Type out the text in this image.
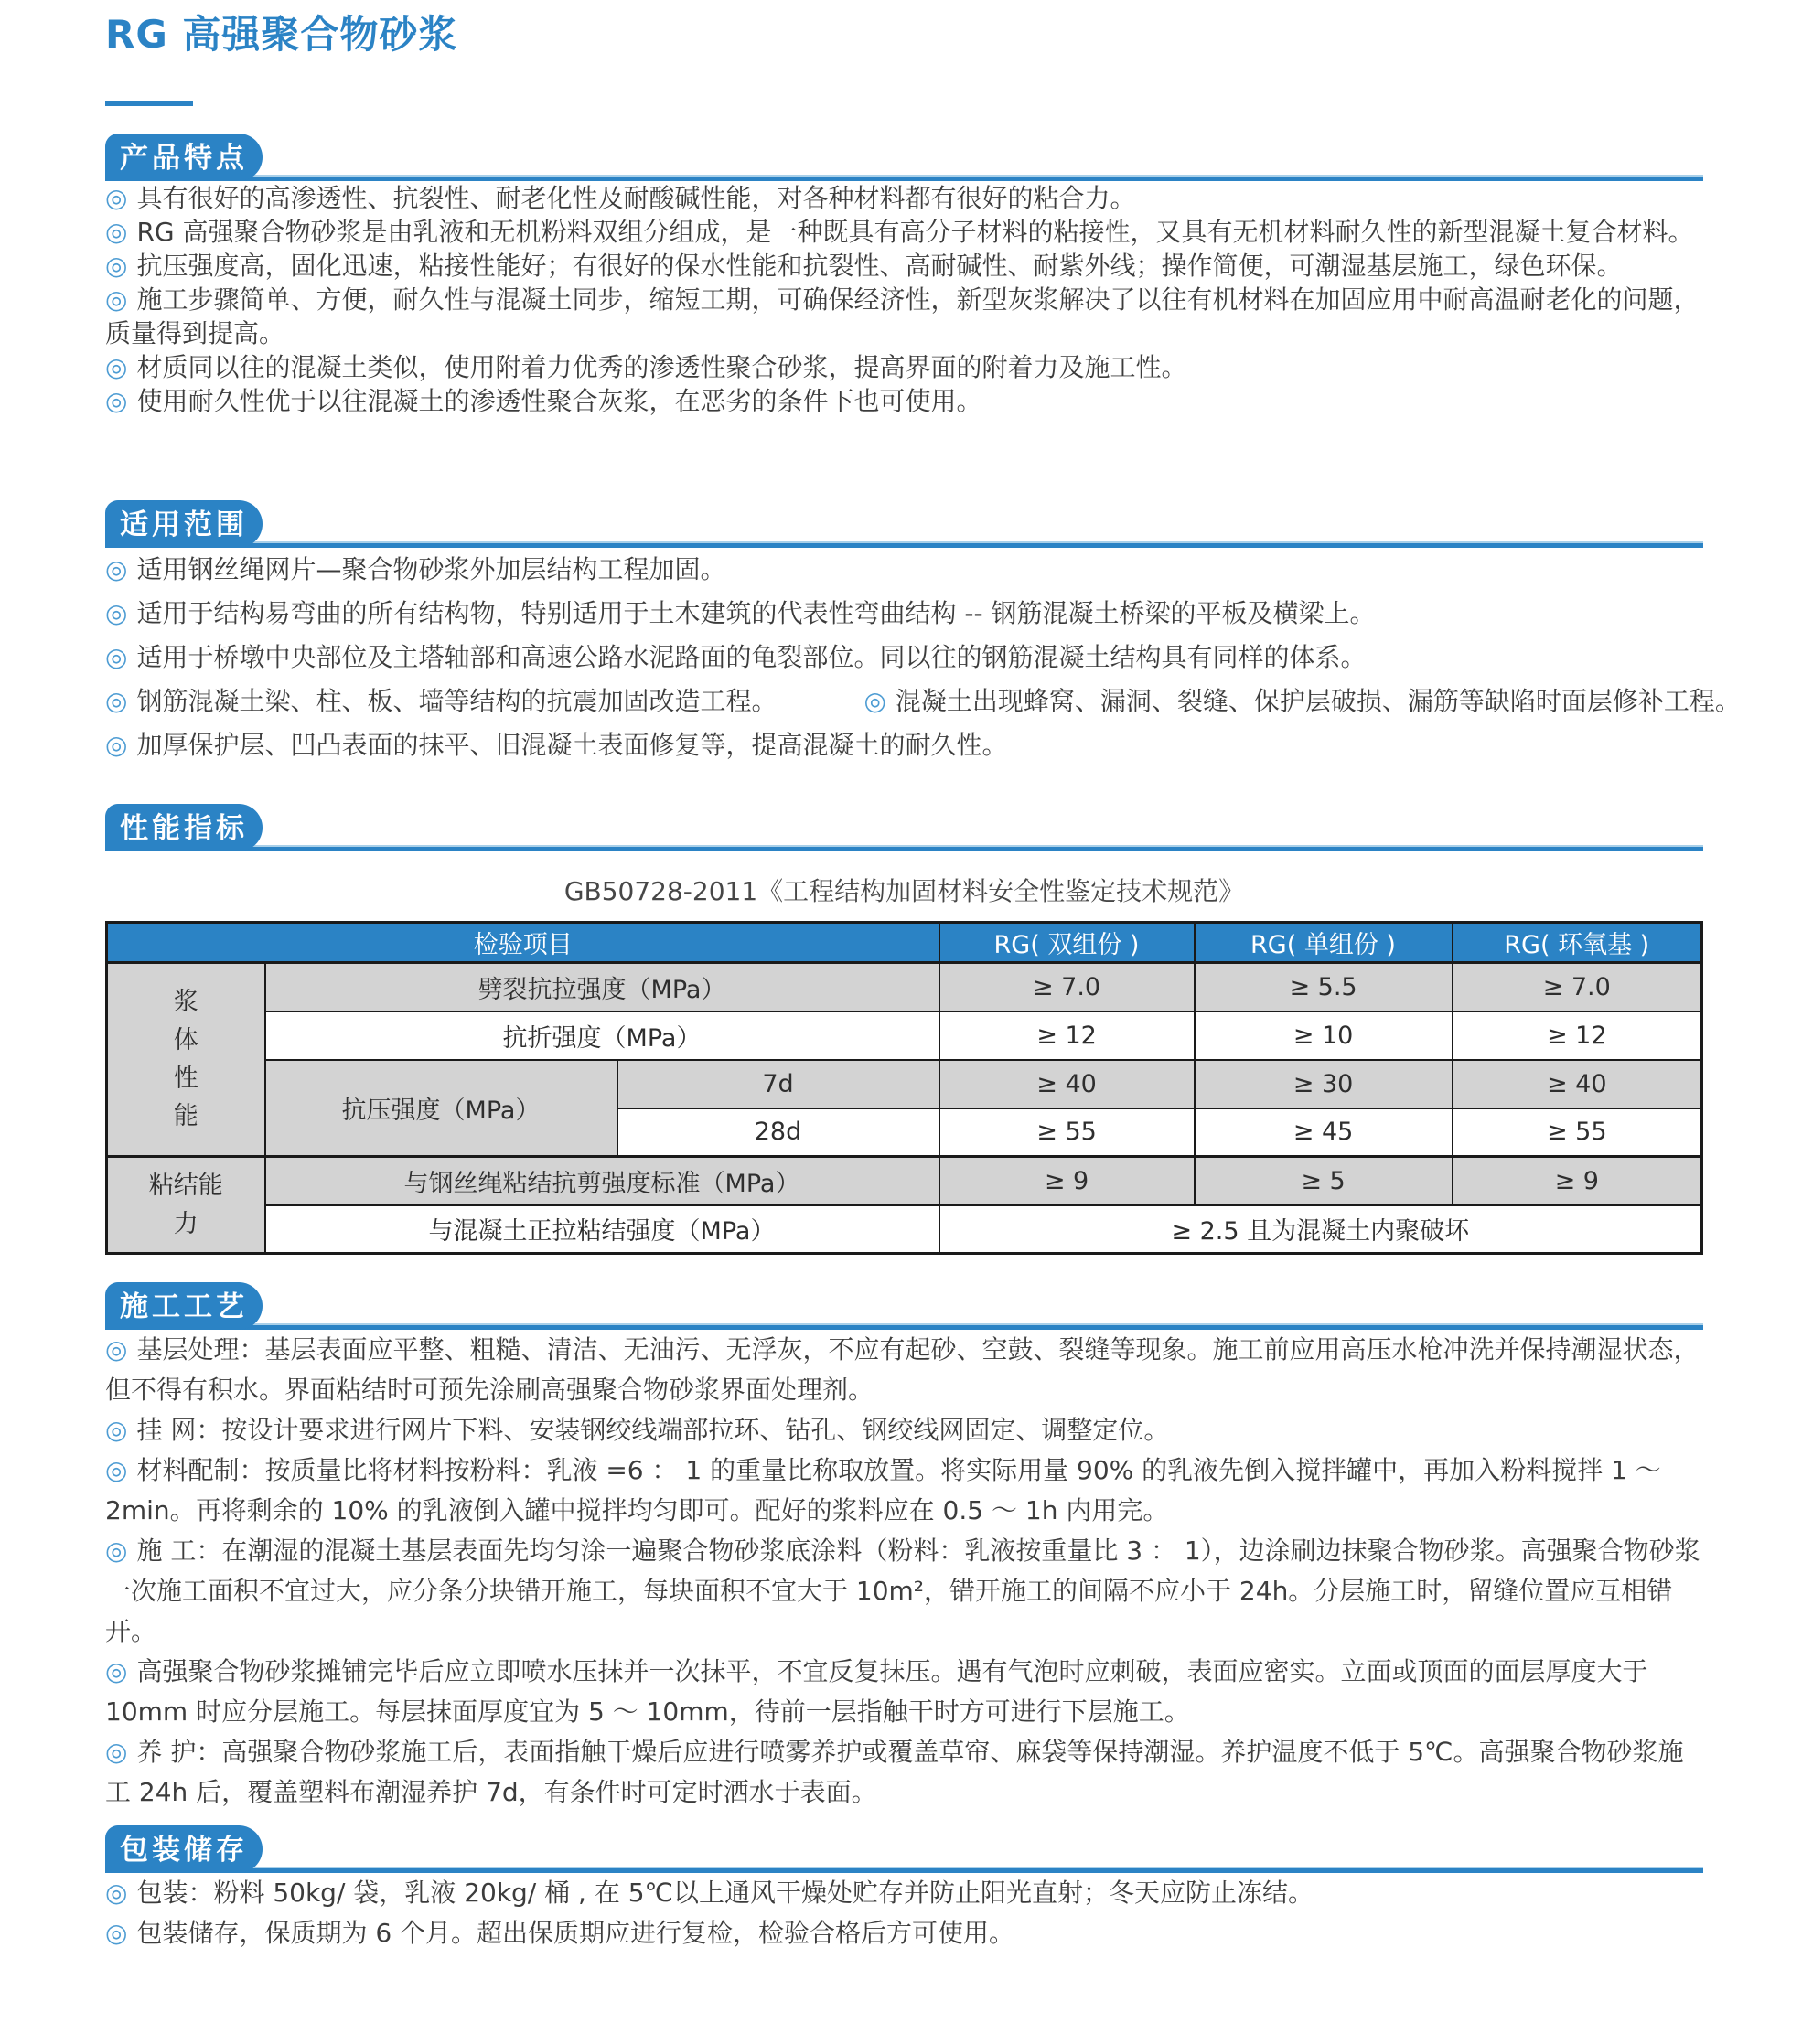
RG 高强聚合物砂浆
产品特点
◎ 具有很好的高渗透性、抗裂性、耐老化性及耐酸碱性能，对各种材料都有很好的粘合力。
◎ RG 高强聚合物砂浆是由乳液和无机粉料双组分组成，是一种既具有高分子材料的粘接性，又具有无机材料耐久性的新型混凝土复合材料。
◎ 抗压强度高，固化迅速，粘接性能好；有很好的保水性能和抗裂性、高耐碱性、耐紫外线；操作简便，可潮湿基层施工，绿色环保。
◎ 施工步骤简单、方便，耐久性与混凝土同步，缩短工期，可确保经济性，新型灰浆解决了以往有机材料在加固应用中耐高温耐老化的问题，质量得到提高。
◎ 材质同以往的混凝土类似，使用附着力优秀的渗透性聚合砂浆，提高界面的附着力及施工性。
◎ 使用耐久性优于以往混凝土的渗透性聚合灰浆，在恶劣的条件下也可使用。
适用范围
◎ 适用钢丝绳网片—聚合物砂浆外加层结构工程加固。
◎ 适用于结构易弯曲的所有结构物，特别适用于土木建筑的代表性弯曲结构 -- 钢筋混凝土桥梁的平板及横梁上。
◎ 适用于桥墩中央部位及主塔轴部和高速公路水泥路面的龟裂部位。同以往的钢筋混凝土结构具有同样的体系。
◎ 钢筋混凝土梁、柱、板、墙等结构的抗震加固改造工程。	◎ 混凝土出现蜂窝、漏洞、裂缝、保护层破损、漏筋等缺陷时面层修补工程。
◎ 加厚保护层、凹凸表面的抹平、旧混凝土表面修复等，提高混凝土的耐久性。
性能指标
GB50728-2011《工程结构加固材料安全性鉴定技术规范》
检验项目			RG( 双组份 )	RG( 单组份 )	RG( 环氧基 )
浆体性能	劈裂抗拉强度（MPa）		≥ 7.0	≥ 5.5	≥ 7.0
	抗折强度（MPa）		≥ 12	≥ 10	≥ 12
	抗压强度（MPa）	7d	≥ 40	≥ 30	≥ 40
		28d	≥ 55	≥ 45	≥ 55
粘结能力	与钢丝绳粘结抗剪强度标准（MPa）		≥ 9	≥ 5	≥ 9
	与混凝土正拉粘结强度（MPa）		≥ 2.5 且为混凝土内聚破坏		
施工工艺
◎ 基层处理：基层表面应平整、粗糙、清洁、无油污、无浮灰，不应有起砂、空鼓、裂缝等现象。施工前应用高压水枪冲洗并保持潮湿状态，但不得有积水。界面粘结时可预先涂刷高强聚合物砂浆界面处理剂。
◎ 挂 网：按设计要求进行网片下料、安装钢绞线端部拉环、钻孔、钢绞线网固定、调整定位。
◎ 材料配制：按质量比将材料按粉料：乳液 =6 ： 1 的重量比称取放置。将实际用量 90% 的乳液先倒入搅拌罐中，再加入粉料搅拌 1 ～ 2min。再将剩余的 10% 的乳液倒入罐中搅拌均匀即可。配好的浆料应在 0.5 ～ 1h 内用完。
◎ 施 工：在潮湿的混凝土基层表面先均匀涂一遍聚合物砂浆底涂料（粉料：乳液按重量比 3 ： 1），边涂刷边抹聚合物砂浆。高强聚合物砂浆一次施工面积不宜过大，应分条分块错开施工，每块面积不宜大于 10m²，错开施工的间隔不应小于 24h。分层施工时，留缝位置应互相错开。
◎ 高强聚合物砂浆摊铺完毕后应立即喷水压抹并一次抹平，不宜反复抹压。遇有气泡时应刺破，表面应密实。立面或顶面的面层厚度大于 10mm 时应分层施工。每层抹面厚度宜为 5 ～ 10mm，待前一层指触干时方可进行下层施工。
◎ 养 护：高强聚合物砂浆施工后，表面指触干燥后应进行喷雾养护或覆盖草帘、麻袋等保持潮湿。养护温度不低于 5℃。高强聚合物砂浆施工 24h 后，覆盖塑料布潮湿养护 7d，有条件时可定时洒水于表面。
包装储存
◎ 包装：粉料 50kg/ 袋，乳液 20kg/ 桶 , 在 5℃以上通风干燥处贮存并防止阳光直射；冬天应防止冻结。
◎ 包装储存，保质期为 6 个月。超出保质期应进行复检，检验合格后方可使用。
